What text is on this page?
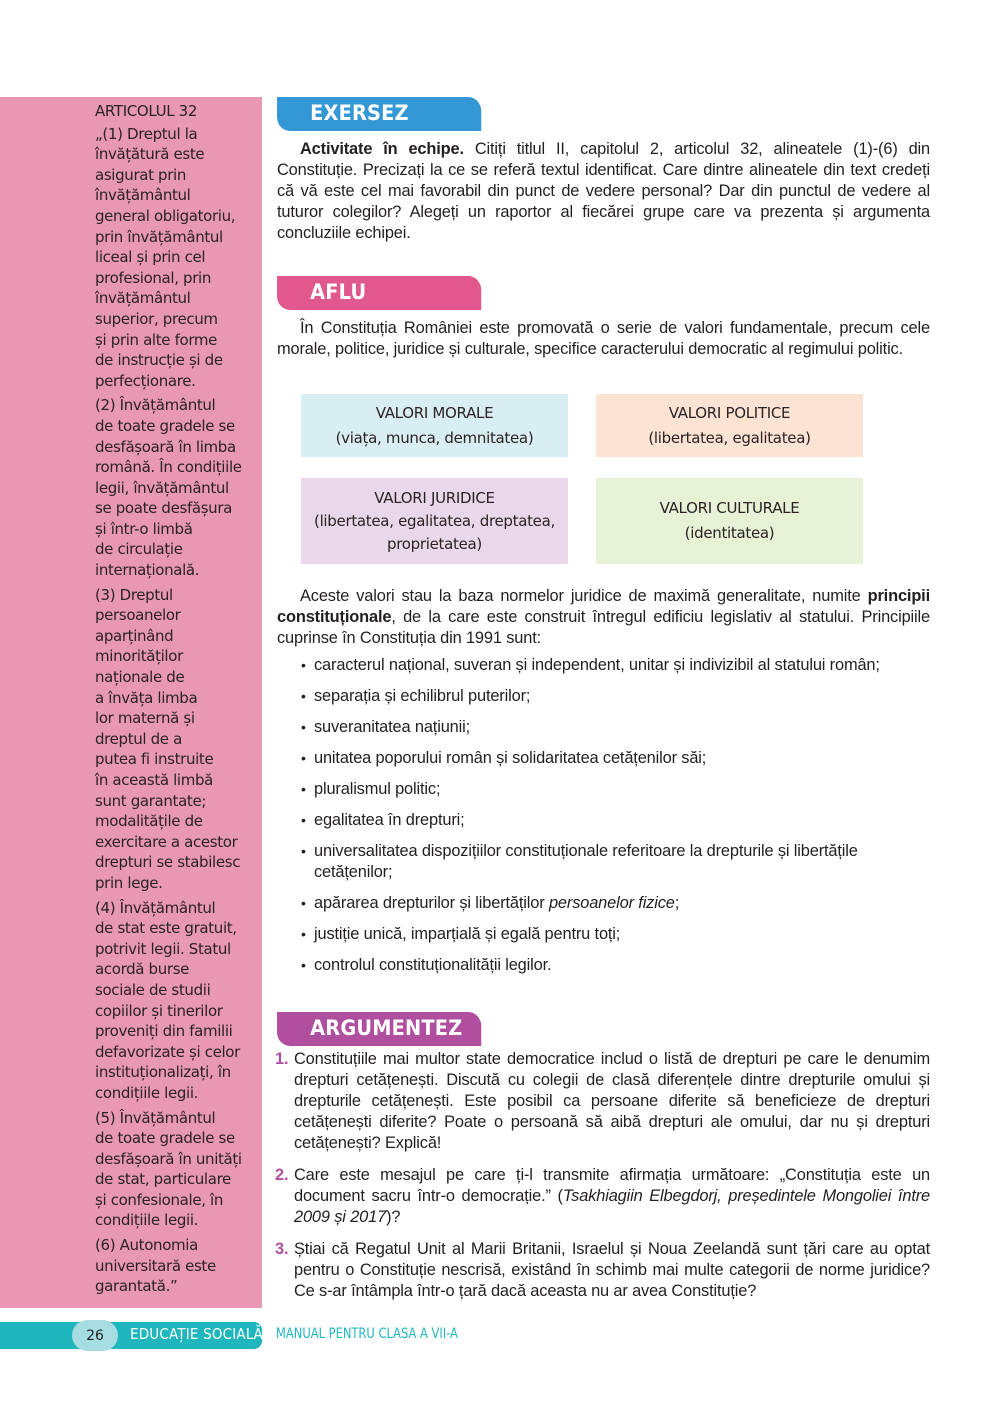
ARTICOLUL 32

„(1) Dreptul la
învățătură este
asigurat prin
învățământul
general obligatoriu,
prin învățământul
liceal și prin cel
profesional, prin
învățământul
superior, precum
și prin alte forme
de instrucție și de
perfecționare.

(2) Învățământul
de toate gradele se
desfășoară în limba
română. În condițiile
legii, învățământul
se poate desfășura
și într-o limbă
de circulație
internațională.

(3) Dreptul
persoanelor
aparținând
minorităților
naționale de
a învăța limba
lor maternă și
dreptul de a
putea fi instruite
în această limbă
sunt garantate;
modalitățile de
exercitare a acestor
drepturi se stabilesc
prin lege.

(4) Învățământul
de stat este gratuit,
potrivit legii. Statul
acordă burse
sociale de studii
copiilor și tinerilor
proveniți din familii
defavorizate și celor
instituționalizați, în
condițiile legii.

(5) Învățământul
de toate gradele se
desfășoară în unități
de stat, particulare
și confesionale, în
condițiile legii.

(6) Autonomia
universitară este
garantată.”

EXERSEZ

Activitate în echipe. Citiți titlul II, capitolul 2, articolul 32, alineatele (1)-(6) din Constituție. Precizați la ce se referă textul identificat. Care dintre alineatele din text credeți că vă este cel mai favorabil din punct de vedere personal? Dar din punctul de vedere al tuturor colegilor? Alegeți un raportor al fiecărei grupe care va prezenta și argumenta concluziile echipei.

AFLU

În Constituția României este promovată o serie de valori fundamentale, precum cele morale, politice, juridice și culturale, specifice caracterului democratic al regimului politic.

VALORI MORALE
(viața, munca, demnitatea)
VALORI POLITICE
(libertatea, egalitatea)
VALORI JURIDICE
(libertatea, egalitatea, dreptatea,
proprietatea)
VALORI CULTURALE
(identitatea)

Aceste valori stau la baza normelor juridice de maximă generalitate, numite principii constituționale, de la care este construit întregul edificiu legislativ al statului. Principiile cuprinse în Constituția din 1991 sunt:

• caracterul național, suveran și independent, unitar și indivizibil al statului român;
• separația și echilibrul puterilor;
• suveranitatea națiunii;
• unitatea poporului român și solidaritatea cetățenilor săi;
• pluralismul politic;
• egalitatea în drepturi;
• universalitatea dispozițiilor constituționale referitoare la drepturile și libertățile cetățenilor;
• apărarea drepturilor și libertăților persoanelor fizice;
• justiție unică, imparțială și egală pentru toți;
• controlul constituționalității legilor.
ARGUMENTEZ
1. Constituțiile mai multor state democratice includ o listă de drepturi pe care le denumim drepturi cetățenești. Discută cu colegii de clasă diferențele dintre drepturile omului și drepturile cetățenești. Este posibil ca persoane diferite să beneficieze de drepturi cetățenești diferite? Poate o persoană să aibă drepturi ale omului, dar nu și drepturi cetățenești? Explică!
2. Care este mesajul pe care ți-l transmite afirmația următoare: „Constituția este un document sacru într-o democrație.” (Tsakhiagiin Elbegdorj, președintele Mongoliei între 2009 și 2017)?
3. Știai că Regatul Unit al Marii Britanii, Israelul și Noua Zeelandă sunt țări care au optat pentru o Constituție nescrisă, existând în schimb mai multe categorii de norme juridice? Ce s-ar întâmpla într-o țară dacă aceasta nu ar avea Constituție?
26	EDUCAȚIE SOCIALĂ MANUAL PENTRU CLASA A VII-A
